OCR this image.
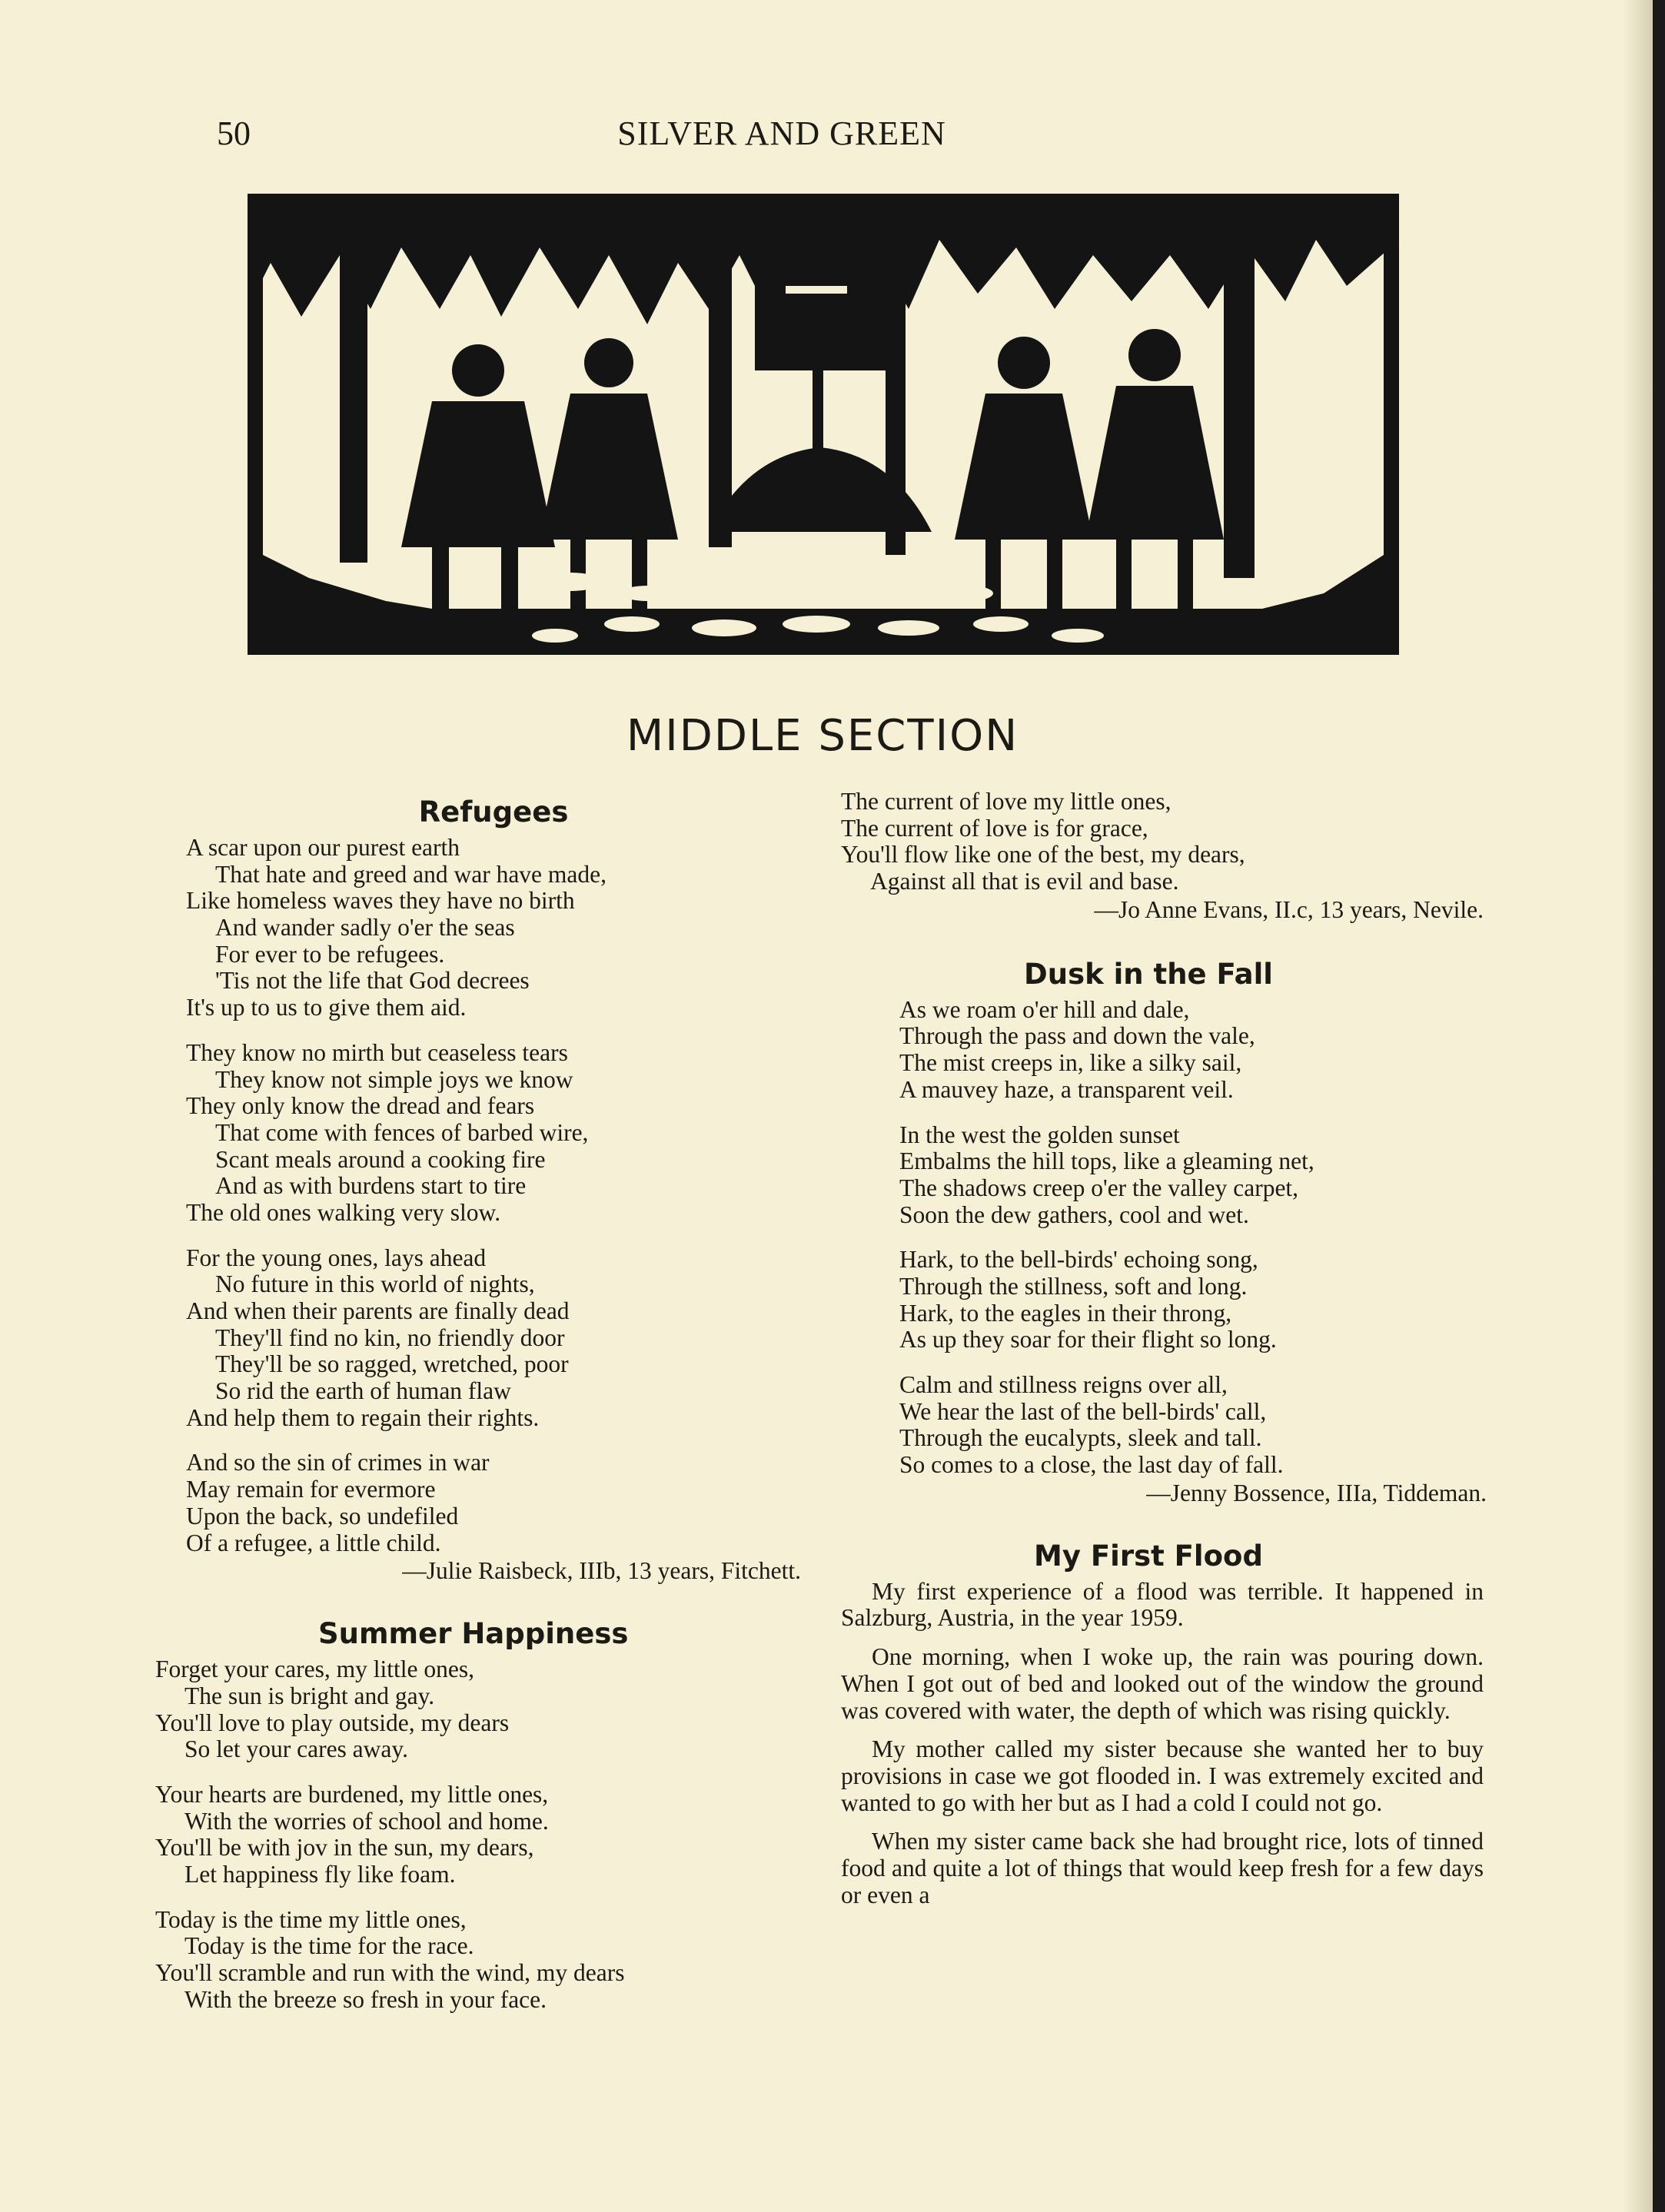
50	SILVER AND GREEN
MIDDLE SECTION
Refugees
A scar upon our purest earth
That hate and greed and war have made,
Like homeless waves they have no birth
And wander sadly o'er the seas
For ever to be refugees.
'Tis not the life that God decrees
It's up to us to give them aid.
They know no mirth but ceaseless tears
They know not simple joys we know
They only know the dread and fears
That come with fences of barbed wire,
Scant meals around a cooking fire
And as with burdens start to tire
The old ones walking very slow.
For the young ones, lays ahead
No future in this world of nights,
And when their parents are finally dead
They'll find no kin, no friendly door
They'll be so ragged, wretched, poor
So rid the earth of human flaw
And help them to regain their rights.
And so the sin of crimes in war
May remain for evermore
Upon the back, so undefiled
Of a refugee, a little child.
—Julie Raisbeck, IIIb, 13 years, Fitchett.
Summer Happiness
Forget your cares, my little ones,
The sun is bright and gay.
You'll love to play outside, my dears
So let your cares away.
Your hearts are burdened, my little ones,
With the worries of school and home.
You'll be with jov in the sun, my dears,
Let happiness fly like foam.
Today is the time my little ones,
Today is the time for the race.
You'll scramble and run with the wind, my dears
With the breeze so fresh in your face.
The current of love my little ones,
The current of love is for grace,
You'll flow like one of the best, my dears,
Against all that is evil and base.
—Jo Anne Evans, II.c, 13 years, Nevile.
Dusk in the Fall
As we roam o'er hill and dale,
Through the pass and down the vale,
The mist creeps in, like a silky sail,
A mauvey haze, a transparent veil.
In the west the golden sunset
Embalms the hill tops, like a gleaming net,
The shadows creep o'er the valley carpet,
Soon the dew gathers, cool and wet.
Hark, to the bell-birds' echoing song,
Through the stillness, soft and long.
Hark, to the eagles in their throng,
As up they soar for their flight so long.
Calm and stillness reigns over all,
We hear the last of the bell-birds' call,
Through the eucalypts, sleek and tall.
So comes to a close, the last day of fall.
—Jenny Bossence, IIIa, Tiddeman.
My First Flood

My first experience of a flood was terrible. It happened in Salzburg, Austria, in the year 1959.

One morning, when I woke up, the rain was pouring down. When I got out of bed and looked out of the window the ground was covered with water, the depth of which was rising quickly.

My mother called my sister because she wanted her to buy provisions in case we got flooded in. I was extremely excited and wanted to go with her but as I had a cold I could not go.

When my sister came back she had brought rice, lots of tinned food and quite a lot of things that would keep fresh for a few days or even a
